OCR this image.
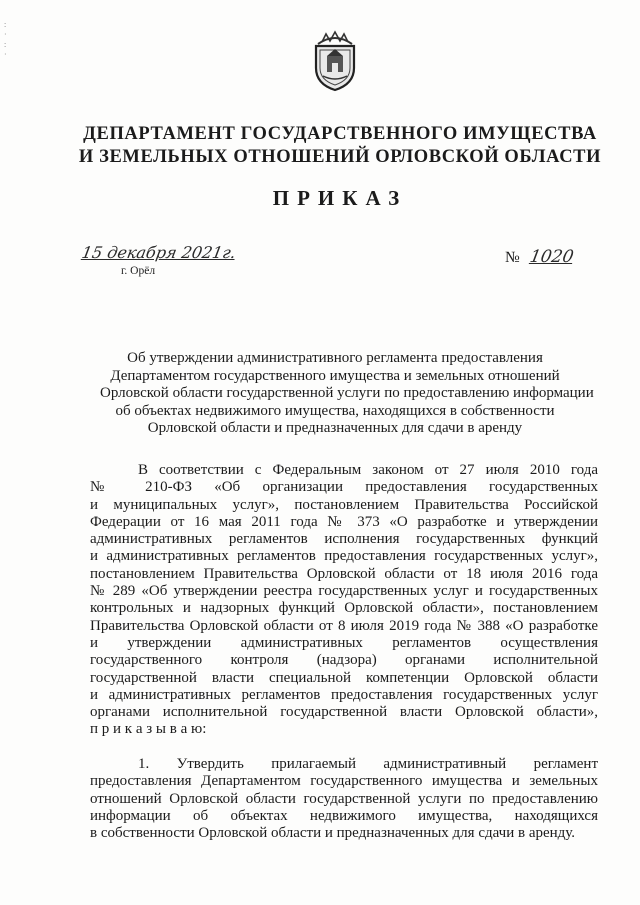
:
·
:
·
ДЕПАРТАМЕНТ ГОСУДАРСТВЕННОГО ИМУЩЕСТВА
И ЗЕМЕЛЬНЫХ ОТНОШЕНИЙ ОРЛОВСКОЙ ОБЛАСТИ
ПРИКАЗ
15 декабря 2021г.
г. Орёл
№ 1020
Об утверждении административного регламента предоставления
Департаментом государственного имущества и земельных отношений
Орловской области государственной услуги по предоставлению информации
об объектах недвижимого имущества, находящихся в собственности
Орловской области и предназначенных для сдачи в аренду
В соответствии с Федеральным законом от 27 июля 2010 года
№ 210-ФЗ «Об организации предоставления государственных
и муниципальных услуг», постановлением Правительства Российской
Федерации от 16 мая 2011 года № 373 «О разработке и утверждении
административных регламентов исполнения государственных функций
и административных регламентов предоставления государственных услуг»,
постановлением Правительства Орловской области от 18 июля 2016 года
№ 289 «Об утверждении реестра государственных услуг и государственных
контрольных и надзорных функций Орловской области», постановлением
Правительства Орловской области от 8 июля 2019 года № 388 «О разработке
и утверждении административных регламентов осуществления
государственного контроля (надзора) органами исполнительной
государственной власти специальной компетенции Орловской области
и административных регламентов предоставления государственных услуг
органами исполнительной государственной власти Орловской области»,
п р и к а з ы в а ю:
1. Утвердить прилагаемый административный регламент
предоставления Департаментом государственного имущества и земельных
отношений Орловской области государственной услуги по предоставлению
информации об объектах недвижимого имущества, находящихся
в собственности Орловской области и предназначенных для сдачи в аренду.
